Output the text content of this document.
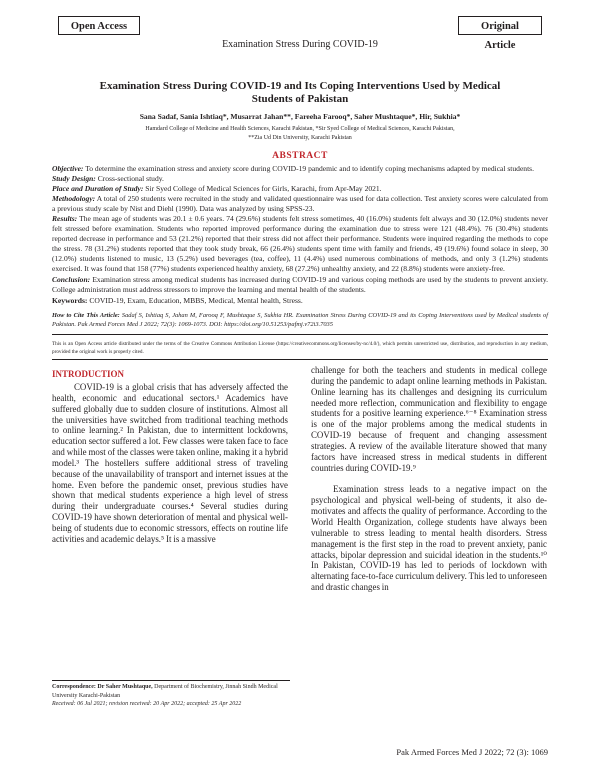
Open Access	Original Article
Examination Stress During COVID-19
Examination Stress During COVID-19 and Its Coping Interventions Used by Medical Students of Pakistan
Sana Sadaf, Sania Ishtiaq*, Musarrat Jahan**, Fareeha Farooq*, Saher Mushtaque*, Hir, Sukhia*
Hamdard College of Medicine and Health Sciences, Karachi Pakistan, *Sir Syed College of Medical Sciences, Karachi Pakistan,
**Zia Ud Din University, Karachi Pakistan
ABSTRACT

Objective: To determine the examination stress and anxiety score during COVID-19 pandemic and to identify coping mechanisms adapted by medical students.

Study Design: Cross-sectional study.

Place and Duration of Study: Sir Syed College of Medical Sciences for Girls, Karachi, from Apr-May 2021.

Methodology: A total of 250 students were recruited in the study and validated questionnaire was used for data collection. Test anxiety scores were calculated from a previous study scale by Nist and Diehl (1990). Data was analyzed by using SPSS-23.

Results: The mean age of students was 20.1 ± 0.6 years. 74 (29.6%) students felt stress sometimes, 40 (16.0%) students felt always and 30 (12.0%) students never felt stressed before examination. Students who reported improved performance during the examination due to stress were 121 (48.4%). 76 (30.4%) students reported decrease in performance and 53 (21.2%) reported that their stress did not affect their performance. Students were inquired regarding the methods to cope the stress. 78 (31.2%) students reported that they took study break, 66 (26.4%) students spent time with family and friends, 49 (19.6%) found solace in sleep, 30 (12.0%) students listened to music, 13 (5.2%) used beverages (tea, coffee), 11 (4.4%) used numerous combinations of methods, and only 3 (1.2%) students exercised. It was found that 158 (77%) students experienced healthy anxiety, 68 (27.2%) unhealthy anxiety, and 22 (8.8%) students were anxiety-free.

Conclusion: Examination stress among medical students has increased during COVID-19 and various coping methods are used by the students to prevent anxiety. College administration must address stressors to improve the learning and mental health of the students.

Keywords: COVID-19, Exam, Education, MBBS, Medical, Mental health, Stress.
How to Cite This Article: Sadaf S, Ishtiaq S, Jahan M, Farooq F, Mushtaque S, Sukhia HR. Examination Stress During COVID-19 and its Coping Interventions used by Medical students of Pakistan. Pak Armed Forces Med J 2022; 72(3): 1069-1073. DOI: https://doi.org/10.51253/pafmj.v72i3.7035
This is an Open Access article distributed under the terms of the Creative Commons Attribution License (https://creativecommons.org/licenses/by-nc/4.0/), which permits unrestricted use, distribution, and reproduction in any medium, provided the original work is properly cited.
INTRODUCTION

COVID-19 is a global crisis that has adversely affected the health, economic and educational sectors.¹ Academics have suffered globally due to sudden closure of institutions. Almost all the universities have switched from traditional teaching methods to online learning.² In Pakistan, due to intermittent lockdowns, education sector suffered a lot. Few classes were taken face to face and while most of the classes were taken online, making it a hybrid model.³ The hostellers suffere additional stress of traveling because of the unavailability of transport and internet issues at the home. Even before the pandemic onset, previous studies have shown that medical students experience a high level of stress during their undergraduate courses.⁴ Several studies during COVID-19 have shown deterioration of mental and physical well-being of students due to economic stressors, effects on routine life activities and academic delays.⁵ It is a massive

challenge for both the teachers and students in medical college during the pandemic to adapt online learning methods in Pakistan. Online learning has its challenges and designing its curriculum needed more reflection, communication and flexibility to engage students for a positive learning experience.⁶⁻⁸ Examination stress is one of the major problems among the medical students in COVID-19 because of frequent and changing assessment strategies. A review of the available literature showed that many factors have increased stress in medical students in different countries during COVID-19.⁹

Examination stress leads to a negative impact on the psychological and physical well-being of students, it also de-motivates and affects the quality of performance. According to the World Health Organization, college students have always been vulnerable to stress leading to mental health disorders. Stress management is the first step in the road to prevent anxiety, panic attacks, bipolar depression and suicidal ideation in the students.¹⁰ In Pakistan, COVID-19 has led to periods of lockdown with alternating face-to-face curriculum delivery. This led to unforeseen and drastic changes in

Correspondence: Dr Saher Mushtaque, Department of Biochemistry, Jinnah Sindh Medical University Karachi-Pakistan
Received: 06 Jul 2021; revision received: 20 Apr 2022; accepted: 25 Apr 2022
Pak Armed Forces Med J 2022; 72 (3): 1069
